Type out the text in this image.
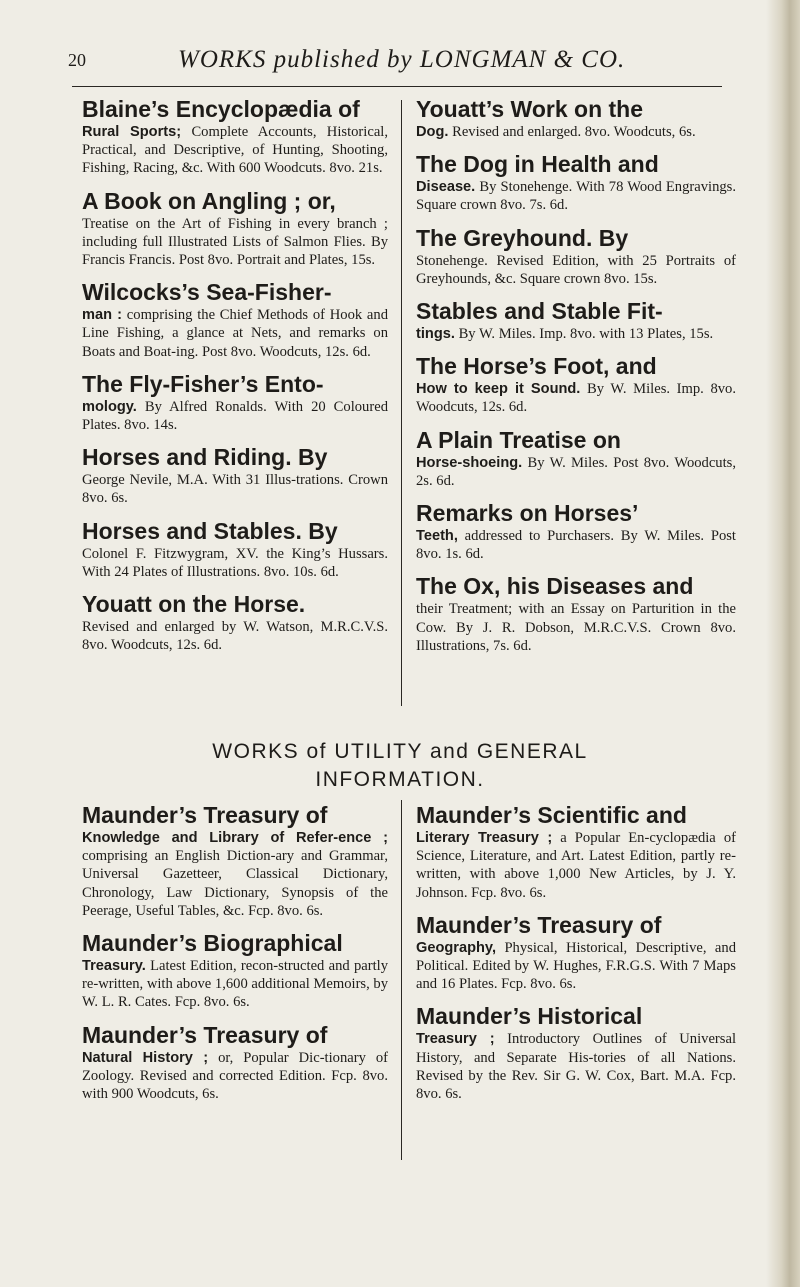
20	WORKS published by LONGMAN & CO.
Blaine’s Encyclopædia of
Rural Sports; Complete Accounts, Historical, Practical, and Descriptive, of Hunting, Shooting, Fishing, Racing, &c. With 600 Woodcuts. 8vo. 21s.
A Book on Angling ; or,
Treatise on the Art of Fishing in every branch ; including full Illustrated Lists of Salmon Flies. By Francis Francis. Post 8vo. Portrait and Plates, 15s.
Wilcocks’s Sea-Fisher-
man : comprising the Chief Methods of Hook and Line Fishing, a glance at Nets, and remarks on Boats and Boat-ing. Post 8vo. Woodcuts, 12s. 6d.
The Fly-Fisher’s Ento-
mology. By Alfred Ronalds. With 20 Coloured Plates. 8vo. 14s.
Horses and Riding. By
George Nevile, M.A. With 31 Illus-trations. Crown 8vo. 6s.
Horses and Stables. By
Colonel F. Fitzwygram, XV. the King’s Hussars. With 24 Plates of Illustrations. 8vo. 10s. 6d.
Youatt on the Horse.
Revised and enlarged by W. Watson, M.R.C.V.S. 8vo. Woodcuts, 12s. 6d.
Youatt’s Work on the
Dog. Revised and enlarged. 8vo. Woodcuts, 6s.
The Dog in Health and
Disease. By Stonehenge. With 78 Wood Engravings. Square crown 8vo. 7s. 6d.
The Greyhound. By
Stonehenge. Revised Edition, with 25 Portraits of Greyhounds, &c. Square crown 8vo. 15s.
Stables and Stable Fit-
tings. By W. Miles. Imp. 8vo. with 13 Plates, 15s.
The Horse’s Foot, and
How to keep it Sound. By W. Miles. Imp. 8vo. Woodcuts, 12s. 6d.
A Plain Treatise on
Horse-shoeing. By W. Miles. Post 8vo. Woodcuts, 2s. 6d.
Remarks on Horses’
Teeth, addressed to Purchasers. By W. Miles. Post 8vo. 1s. 6d.
The Ox, his Diseases and
their Treatment; with an Essay on Parturition in the Cow. By J. R. Dobson, M.R.C.V.S. Crown 8vo. Illustrations, 7s. 6d.
WORKS of UTILITY and GENERAL
INFORMATION.
Maunder’s Treasury of
Knowledge and Library of Refer-ence ; comprising an English Diction-ary and Grammar, Universal Gazetteer, Classical Dictionary, Chronology, Law Dictionary, Synopsis of the Peerage, Useful Tables, &c. Fcp. 8vo. 6s.
Maunder’s Biographical
Treasury. Latest Edition, recon-structed and partly re-written, with above 1,600 additional Memoirs, by W. L. R. Cates. Fcp. 8vo. 6s.
Maunder’s Treasury of
Natural History ; or, Popular Dic-tionary of Zoology. Revised and corrected Edition. Fcp. 8vo. with 900 Woodcuts, 6s.
Maunder’s Scientific and
Literary Treasury ; a Popular En-cyclopædia of Science, Literature, and Art. Latest Edition, partly re-written, with above 1,000 New Articles, by J. Y. Johnson. Fcp. 8vo. 6s.
Maunder’s Treasury of
Geography, Physical, Historical, Descriptive, and Political. Edited by W. Hughes, F.R.G.S. With 7 Maps and 16 Plates. Fcp. 8vo. 6s.
Maunder’s Historical
Treasury ; Introductory Outlines of Universal History, and Separate His-tories of all Nations. Revised by the Rev. Sir G. W. Cox, Bart. M.A. Fcp. 8vo. 6s.
